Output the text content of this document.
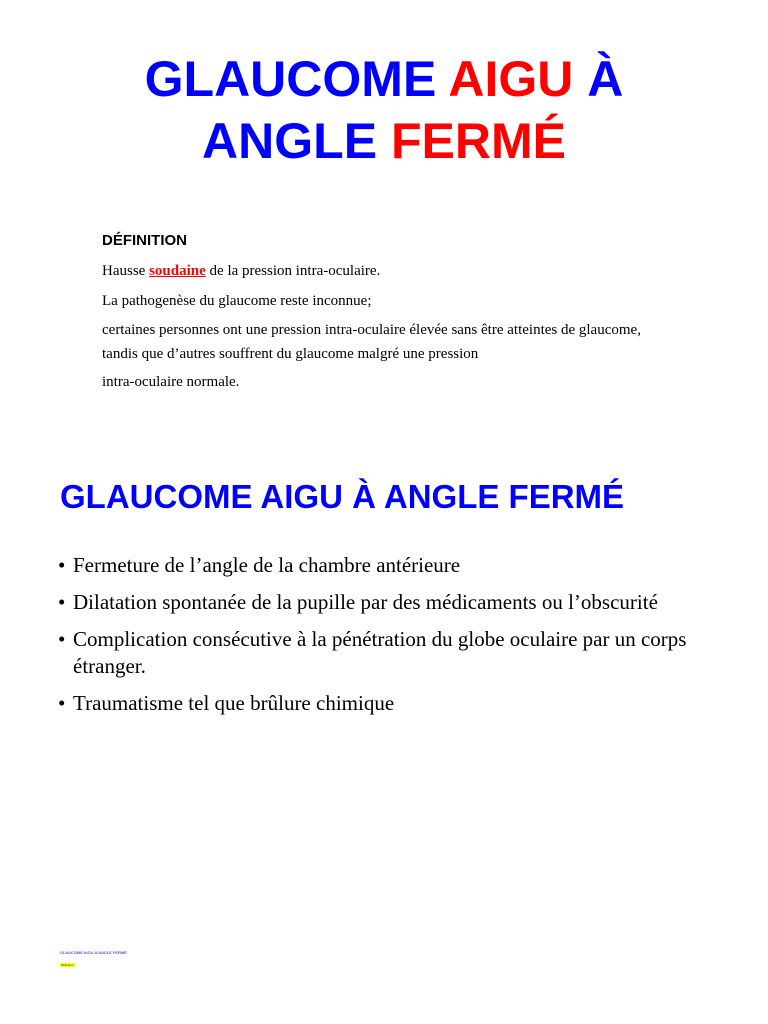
GLAUCOME AIGU À
ANGLE FERMÉ
DÉFINITION
Hausse soudaine de la pression intra-oculaire.
La pathogenèse du glaucome reste inconnue;
certaines personnes ont une pression intra-oculaire élevée sans être atteintes de glaucome, tandis que d’autres souffrent du glaucome malgré une pression
intra-oculaire normale.
GLAUCOME AIGU À ANGLE FERMÉ
• Fermeture de l’angle de la chambre antérieure
• Dilatation spontanée de la pupille par des médicaments ou l’obscurité
• Complication consécutive à la pénétration du globe oculaire par un corps étranger.
• Traumatisme tel que brûlure chimique
GLAUCOME AIGU À ANGLE FERMÉ
Définition
